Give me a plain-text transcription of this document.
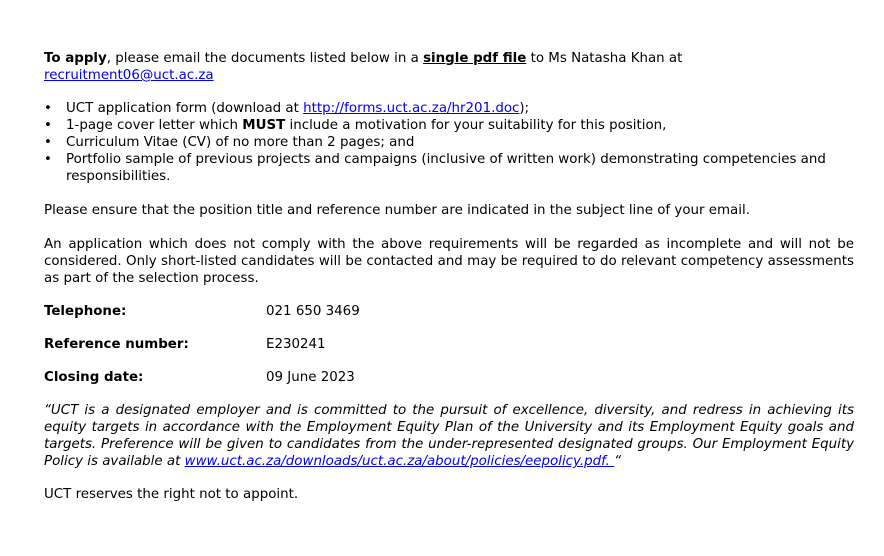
To apply, please email the documents listed below in a single pdf file to Ms Natasha Khan at
recruitment06@uct.ac.za

• UCT application form (download at http://forms.uct.ac.za/hr201.doc);
• 1-page cover letter which MUST include a motivation for your suitability for this position,
• Curriculum Vitae (CV) of no more than 2 pages; and
• Portfolio sample of previous projects and campaigns (inclusive of written work) demonstrating competencies and responsibilities.

Please ensure that the position title and reference number are indicated in the subject line of your email.

An application which does not comply with the above requirements will be regarded as incomplete and will not be considered. Only short-listed candidates will be contacted and may be required to do relevant competency assessments as part of the selection process.

Telephone:	021 650 3469
Reference number:	E230241
Closing date:	09 June 2023

“UCT is a designated employer and is committed to the pursuit of excellence, diversity, and redress in achieving its equity targets in accordance with the Employment Equity Plan of the University and its Employment Equity goals and targets. Preference will be given to candidates from the under-represented designated groups. Our Employment Equity Policy is available at www.uct.ac.za/downloads/uct.ac.za/about/policies/eepolicy.pdf. “

UCT reserves the right not to appoint.
